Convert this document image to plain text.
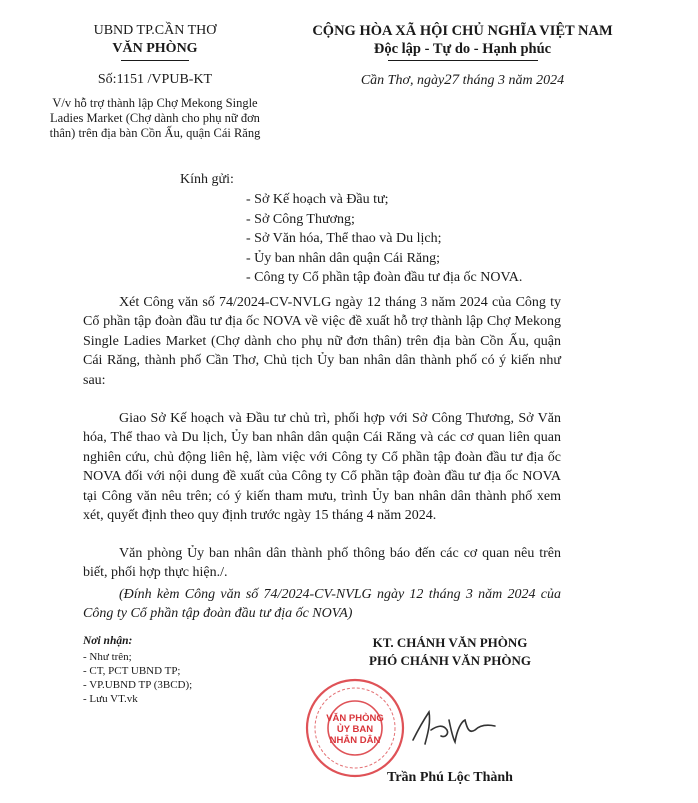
UBND TP.CẦN THƠ
VĂN PHÒNG
CỘNG HÒA XÃ HỘI CHỦ NGHĨA VIỆT NAM
Độc lập - Tự do - Hạnh phúc
Số:1151 /VPUB-KT	Cần Thơ, ngày27 tháng 3 năm 2024
V/v hỗ trợ thành lập Chợ Mekong Single Ladies Market (Chợ dành cho phụ nữ đơn thân) trên địa bàn Cồn Ấu, quận Cái Răng
Kính gửi:
- Sở Kế hoạch và Đầu tư;
- Sở Công Thương;
- Sở Văn hóa, Thể thao và Du lịch;
- Ủy ban nhân dân quận Cái Răng;
- Công ty Cổ phần tập đoàn đầu tư địa ốc NOVA.

Xét Công văn số 74/2024-CV-NVLG ngày 12 tháng 3 năm 2024 của Công ty Cổ phần tập đoàn đầu tư địa ốc NOVA về việc đề xuất hỗ trợ thành lập Chợ Mekong Single Ladies Market (Chợ dành cho phụ nữ đơn thân) trên địa bàn Cồn Ấu, quận Cái Răng, thành phố Cần Thơ, Chủ tịch Ủy ban nhân dân thành phố có ý kiến như sau:

Giao Sở Kế hoạch và Đầu tư chủ trì, phối hợp với Sở Công Thương, Sở Văn hóa, Thể thao và Du lịch, Ủy ban nhân dân quận Cái Răng và các cơ quan liên quan nghiên cứu, chủ động liên hệ, làm việc với Công ty Cổ phần tập đoàn đầu tư địa ốc NOVA đối với nội dung đề xuất của Công ty Cổ phần tập đoàn đầu tư địa ốc NOVA tại Công văn nêu trên; có ý kiến tham mưu, trình Ủy ban nhân dân thành phố xem xét, quyết định theo quy định trước ngày 15 tháng 4 năm 2024.

Văn phòng Ủy ban nhân dân thành phố thông báo đến các cơ quan nêu trên biết, phối hợp thực hiện./.

(Đính kèm Công văn số 74/2024-CV-NVLG ngày 12 tháng 3 năm 2024 của Công ty Cổ phần tập đoàn đầu tư địa ốc NOVA)

Nơi nhận:
- Như trên;
- CT, PCT UBND TP;
- VP.UBND TP (3BCD);
- Lưu VT.vk
KT. CHÁNH VĂN PHÒNG
PHÓ CHÁNH VĂN PHÒNG
VĂN PHÒNG
ỦY BAN
NHÂN DÂN
Trần Phú Lộc Thành
